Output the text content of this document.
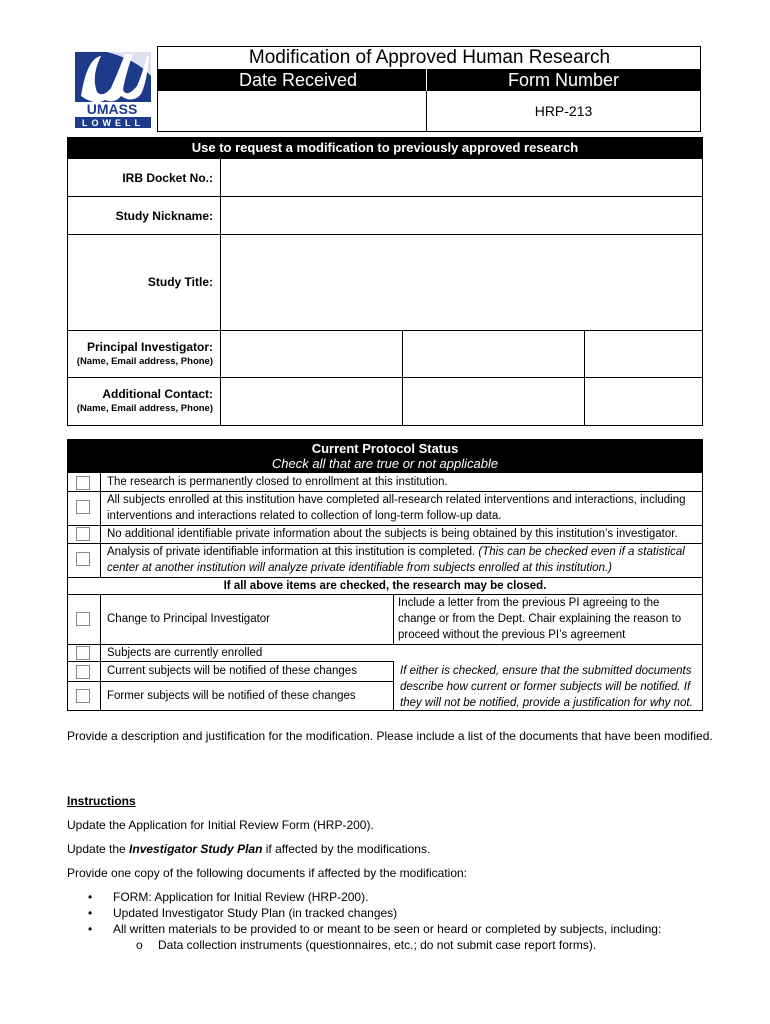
UMASS
LOWELL
Modification of Approved Human Research
Date Received	Form Number
HRP-213
Use to request a modification to previously approved research
IRB Docket No.:
Study Nickname:
Study Title:
Principal Investigator:
(Name, Email address, Phone)
Additional Contact:
(Name, Email address, Phone)
Current Protocol Status
Check all that are true or not applicable
The research is permanently closed to enrollment at this institution.
All subjects enrolled at this institution have completed all-research related interventions and interactions, including
interventions and interactions related to collection of long-term follow-up data.
No additional identifiable private information about the subjects is being obtained by this institution’s investigator.
Analysis of private identifiable information at this institution is completed. (This can be checked even if a statistical
center at another institution will analyze private identifiable from subjects enrolled at this institution.)
If all above items are checked, the research may be closed.
Change to Principal Investigator
Include a letter from the previous PI agreeing to the
change or from the Dept. Chair explaining the reason to
proceed without the previous PI’s agreement
Subjects are currently enrolled
Current subjects will be notified of these changes
Former subjects will be notified of these changes
If either is checked, ensure that the submitted documents
describe how current or former subjects will be notified. If
they will not be notified, provide a justification for why not.
Provide a description and justification for the modification. Please include a list of the documents that have been modified.
Instructions
Update the Application for Initial Review Form (HRP-200).
Update the Investigator Study Plan if affected by the modifications.
Provide one copy of the following documents if affected by the modification:
• FORM: Application for Initial Review (HRP-200).
• Updated Investigator Study Plan (in tracked changes)
• All written materials to be provided to or meant to be seen or heard or completed by subjects, including:
o Data collection instruments (questionnaires, etc.; do not submit case report forms).
